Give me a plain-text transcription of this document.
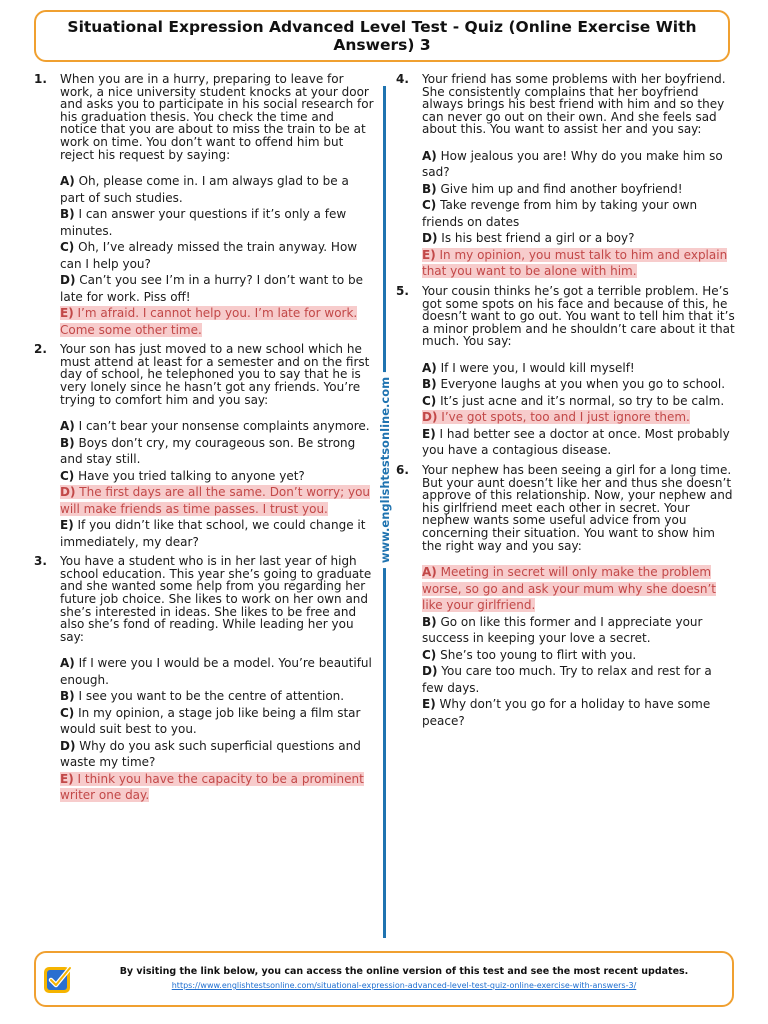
Situational Expression Advanced Level Test - Quiz (Online Exercise With Answers) 3
1.	When you are in a hurry, preparing to leave for work, a nice university student knocks at your door and asks you to participate in his social research for his graduation thesis. You check the time and notice that you are about to miss the train to be at work on time. You don’t want to offend him but reject his request by saying:
A) Oh, please come in. I am always glad to be a part of such studies.
B) I can answer your questions if it’s only a few minutes.
C) Oh, I’ve already missed the train anyway. How can I help you?
D) Can’t you see I’m in a hurry? I don’t want to be late for work. Piss off!
E) I’m afraid. I cannot help you. I’m late for work. Come some other time.
2.	Your son has just moved to a new school which he must attend at least for a semester and on the first day of school, he telephoned you to say that he is very lonely since he hasn’t got any friends. You’re trying to comfort him and you say:
A) I can’t bear your nonsense complaints anymore.
B) Boys don’t cry, my courageous son. Be strong and stay still.
C) Have you tried talking to anyone yet?
D) The first days are all the same. Don’t worry; you will make friends as time passes. I trust you.
E) If you didn’t like that school, we could change it immediately, my dear?
3.	You have a student who is in her last year of high school education. This year she’s going to graduate and she wanted some help from you regarding her future job choice. She likes to work on her own and she’s interested in ideas. She likes to be free and also she’s fond of reading. While leading her you say:
A) If I were you I would be a model. You’re beautiful enough.
B) I see you want to be the centre of attention.
C) In my opinion, a stage job like being a film star would suit best to you.
D) Why do you ask such superficial questions and waste my time?
E) I think you have the capacity to be a prominent writer one day.
www.englishtestsonline.com
4.	Your friend has some problems with her boyfriend. She consistently complains that her boyfriend always brings his best friend with him and so they can never go out on their own. And she feels sad about this. You want to assist her and you say:
A) How jealous you are! Why do you make him so sad?
B) Give him up and find another boyfriend!
C) Take revenge from him by taking your own friends on dates
D) Is his best friend a girl or a boy?
E) In my opinion, you must talk to him and explain that you want to be alone with him.
5.	Your cousin thinks he’s got a terrible problem. He’s got some spots on his face and because of this, he doesn’t want to go out. You want to tell him that it’s a minor problem and he shouldn’t care about it that much. You say:
A) If I were you, I would kill myself!
B) Everyone laughs at you when you go to school.
C) It’s just acne and it’s normal, so try to be calm.
D) I’ve got spots, too and I just ignore them.
E) I had better see a doctor at once. Most probably you have a contagious disease.
6.	Your nephew has been seeing a girl for a long time. But your aunt doesn’t like her and thus she doesn’t approve of this relationship. Now, your nephew and his girlfriend meet each other in secret. Your nephew wants some useful advice from you concerning their situation. You want to show him the right way and you say:
A) Meeting in secret will only make the problem worse, so go and ask your mum why she doesn’t like your girlfriend.
B) Go on like this former and I appreciate your success in keeping your love a secret.
C) She’s too young to flirt with you.
D) You care too much. Try to relax and rest for a few days.
E) Why don’t you go for a holiday to have some peace?
By visiting the link below, you can access the online version of this test and see the most recent updates.
https://www.englishtestsonline.com/situational-expression-advanced-level-test-quiz-online-exercise-with-answers-3/
